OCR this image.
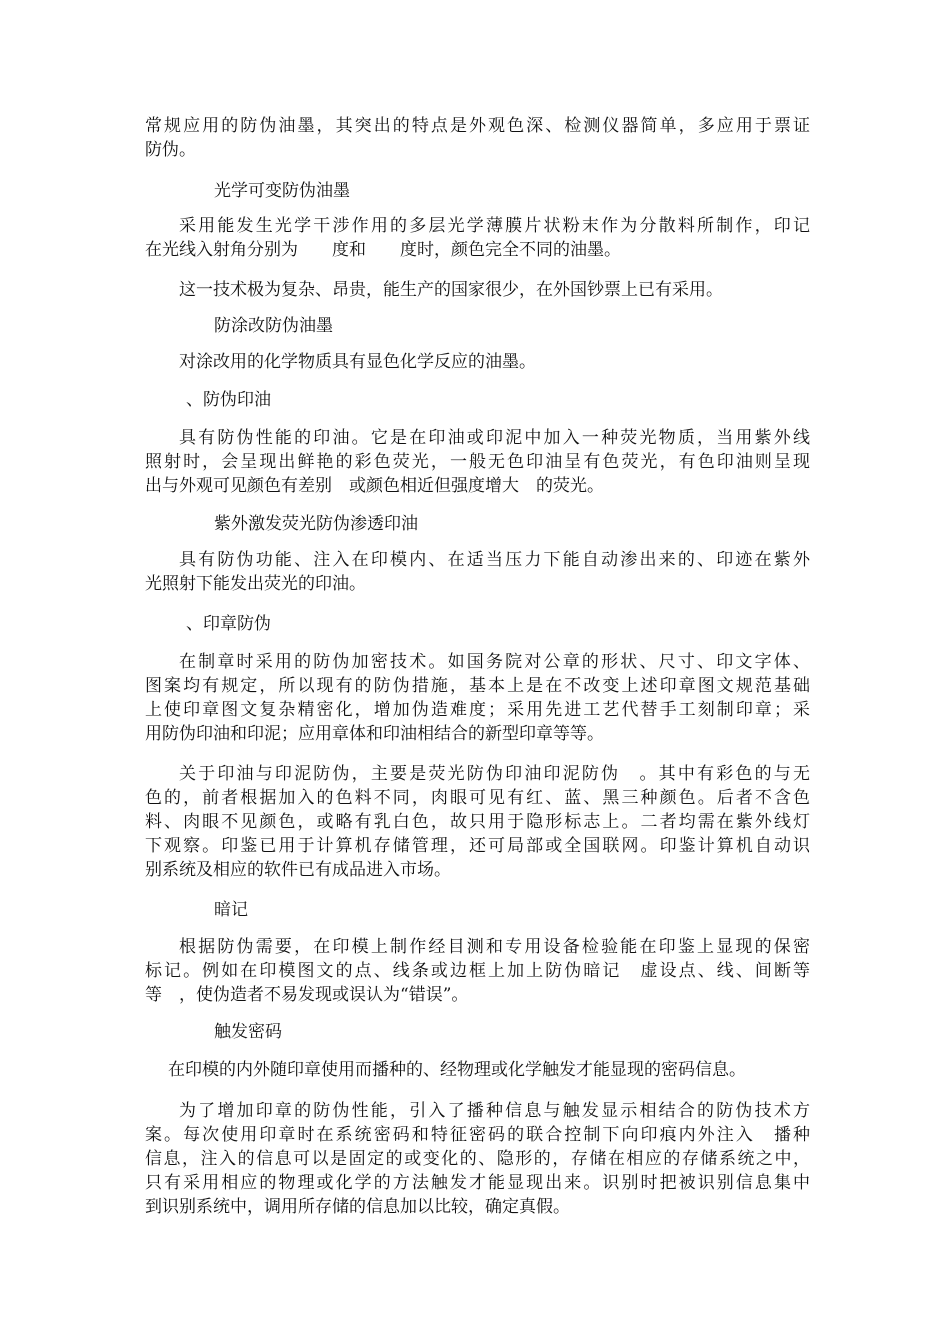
常规应用的防伪油墨，其突出的特点是外观色深、检测仪器简单，多应用于票证
防伪。
光学可变防伪油墨
采用能发生光学干涉作用的多层光学薄膜片状粉末作为分散料所制作，印记
在光线入射角分别为　　度和　　度时，颜色完全不同的油墨。
这一技术极为复杂、昂贵，能生产的国家很少，在外国钞票上已有采用。
防涂改防伪油墨
对涂改用的化学物质具有显色化学反应的油墨。
、防伪印油
具有防伪性能的印油。它是在印油或印泥中加入一种荧光物质，当用紫外线
照射时，会呈现出鲜艳的彩色荧光，一般无色印油呈有色荧光，有色印油则呈现
出与外观可见颜色有差别　或颜色相近但强度增大　的荧光。
紫外激发荧光防伪渗透印油
具有防伪功能、注入在印模内、在适当压力下能自动渗出来的、印迹在紫外
光照射下能发出荧光的印油。
、印章防伪
在制章时采用的防伪加密技术。如国务院对公章的形状、尺寸、印文字体、
图案均有规定，所以现有的防伪措施，基本上是在不改变上述印章图文规范基础
上使印章图文复杂精密化，增加伪造难度；采用先进工艺代替手工刻制印章；采
用防伪印油和印泥；应用章体和印油相结合的新型印章等等。
关于印油与印泥防伪，主要是荧光防伪印油印泥防伪　。其中有彩色的与无
色的，前者根据加入的色料不同，肉眼可见有红、蓝、黑三种颜色。后者不含色
料、肉眼不见颜色，或略有乳白色，故只用于隐形标志上。二者均需在紫外线灯
下观察。印鉴已用于计算机存储管理，还可局部或全国联网。印鉴计算机自动识
别系统及相应的软件已有成品进入市场。
暗记
根据防伪需要，在印模上制作经目测和专用设备检验能在印鉴上显现的保密
标记。例如在印模图文的点、线条或边框上加上防伪暗记　虚设点、线、间断等
等　，使伪造者不易发现或误认为“错误”。
触发密码
在印模的内外随印章使用而播种的、经物理或化学触发才能显现的密码信息。
为了增加印章的防伪性能，引入了播种信息与触发显示相结合的防伪技术方
案。每次使用印章时在系统密码和特征密码的联合控制下向印痕内外注入　播种
信息，注入的信息可以是固定的或变化的、隐形的，存储在相应的存储系统之中，
只有采用相应的物理或化学的方法触发才能显现出来。识别时把被识别信息集中
到识别系统中，调用所存储的信息加以比较，确定真假。
